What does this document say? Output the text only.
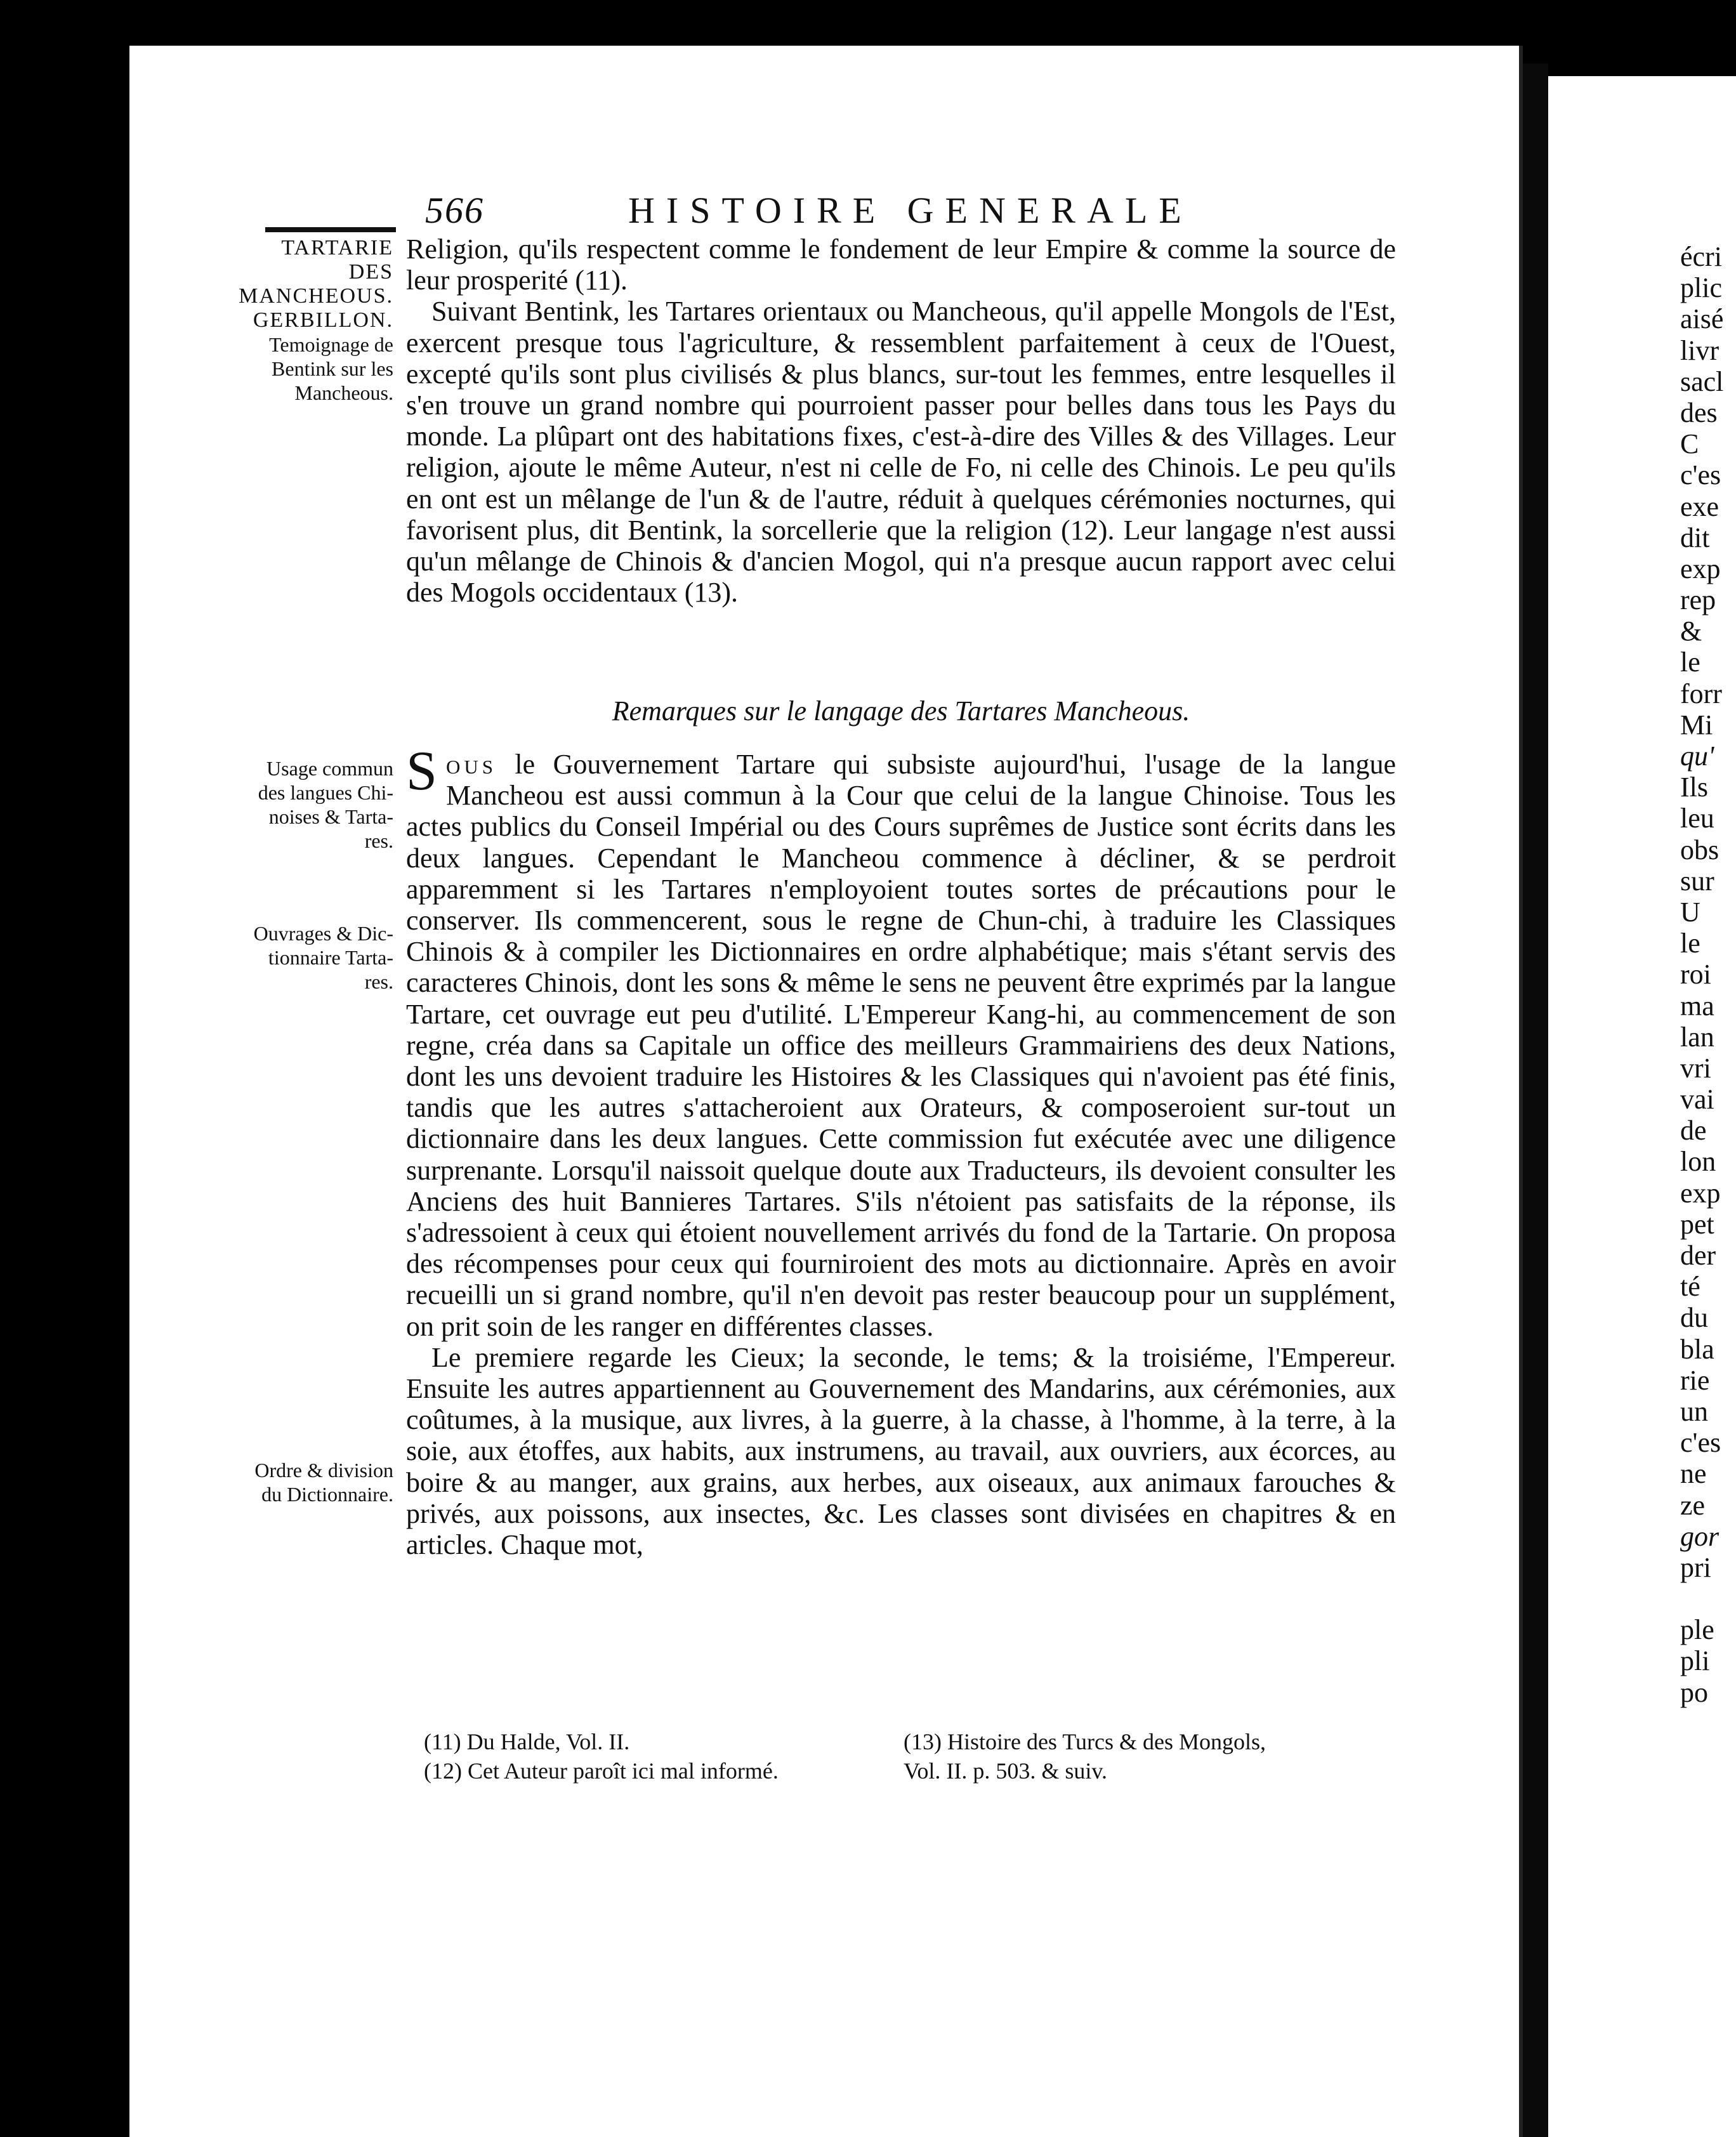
566	HISTOIRE GENERALE
TARTARIE
DES
MANCHEOUS.
GERBILLON.
Temoignage de
Bentink sur les
Mancheous.
Usage commun
des langues Chi-
noises & Tarta-
res.
Ouvrages & Dic-
tionnaire Tarta-
res.
Ordre & division
du Dictionnaire.

Religion, qu'ils respectent comme le fondement de leur Empire & comme la source de leur prosperité (11).

Suivant Bentink, les Tartares orientaux ou Mancheous, qu'il appelle Mongols de l'Est, exercent presque tous l'agriculture, & ressemblent parfaitement à ceux de l'Ouest, excepté qu'ils sont plus civilisés & plus blancs, sur-tout les femmes, entre lesquelles il s'en trouve un grand nombre qui pourroient passer pour belles dans tous les Pays du monde. La plûpart ont des habitations fixes, c'est-à-dire des Villes & des Villages. Leur religion, ajoute le même Auteur, n'est ni celle de Fo, ni celle des Chinois. Le peu qu'ils en ont est un mêlange de l'un & de l'autre, réduit à quelques cérémonies nocturnes, qui favorisent plus, dit Bentink, la sorcellerie que la religion (12). Leur langage n'est aussi qu'un mêlange de Chinois & d'ancien Mogol, qui n'a presque aucun rapport avec celui des Mogols occidentaux (13).

Remarques sur le langage des Tartares Mancheous.

Sous le Gouvernement Tartare qui subsiste aujourd'hui, l'usage de la langue Mancheou est aussi commun à la Cour que celui de la langue Chinoise. Tous les actes publics du Conseil Impérial ou des Cours suprêmes de Justice sont écrits dans les deux langues. Cependant le Mancheou commence à décliner, & se perdroit apparemment si les Tartares n'employoient toutes sortes de précautions pour le conserver. Ils commencerent, sous le regne de Chun-chi, à traduire les Classiques Chinois & à compiler les Dictionnaires en ordre alphabétique; mais s'étant servis des caracteres Chinois, dont les sons & même le sens ne peuvent être exprimés par la langue Tartare, cet ouvrage eut peu d'utilité. L'Empereur Kang-hi, au commencement de son regne, créa dans sa Capitale un office des meilleurs Grammairiens des deux Nations, dont les uns devoient traduire les Histoires & les Classiques qui n'avoient pas été finis, tandis que les autres s'attacheroient aux Orateurs, & composeroient sur-tout un dictionnaire dans les deux langues. Cette commission fut exécutée avec une diligence surprenante. Lorsqu'il naissoit quelque doute aux Traducteurs, ils devoient consulter les Anciens des huit Bannieres Tartares. S'ils n'étoient pas satisfaits de la réponse, ils s'adressoient à ceux qui étoient nouvellement arrivés du fond de la Tartarie. On proposa des récompenses pour ceux qui fourniroient des mots au dictionnaire. Après en avoir recueilli un si grand nombre, qu'il n'en devoit pas rester beaucoup pour un supplément, on prit soin de les ranger en différentes classes.

Le premiere regarde les Cieux; la seconde, le tems; & la troisiéme, l'Empereur. Ensuite les autres appartiennent au Gouvernement des Mandarins, aux cérémonies, aux coûtumes, à la musique, aux livres, à la guerre, à la chasse, à l'homme, à la terre, à la soie, aux étoffes, aux habits, aux instrumens, au travail, aux ouvriers, aux écorces, au boire & au manger, aux grains, aux herbes, aux oiseaux, aux animaux farouches & privés, aux poissons, aux insectes, &c. Les classes sont divisées en chapitres & en articles. Chaque mot,

(11) Du Halde, Vol. II.

(12) Cet Auteur paroît ici mal informé.

(13) Histoire des Turcs & des Mongols,

Vol. II. p. 503. & suiv.

écri
plic
aisé
livr
sacl
des
C
c'es
exe
dit
exp
rep
&
le
forr
Mi
qu'
Ils
leu
obs
sur
U
le
roi
ma
lan
vri
vai
de
lon
exp
pet
der
té
du
bla
rie
un
c'es
ne
ze
gor
pri
ple
pli
po
